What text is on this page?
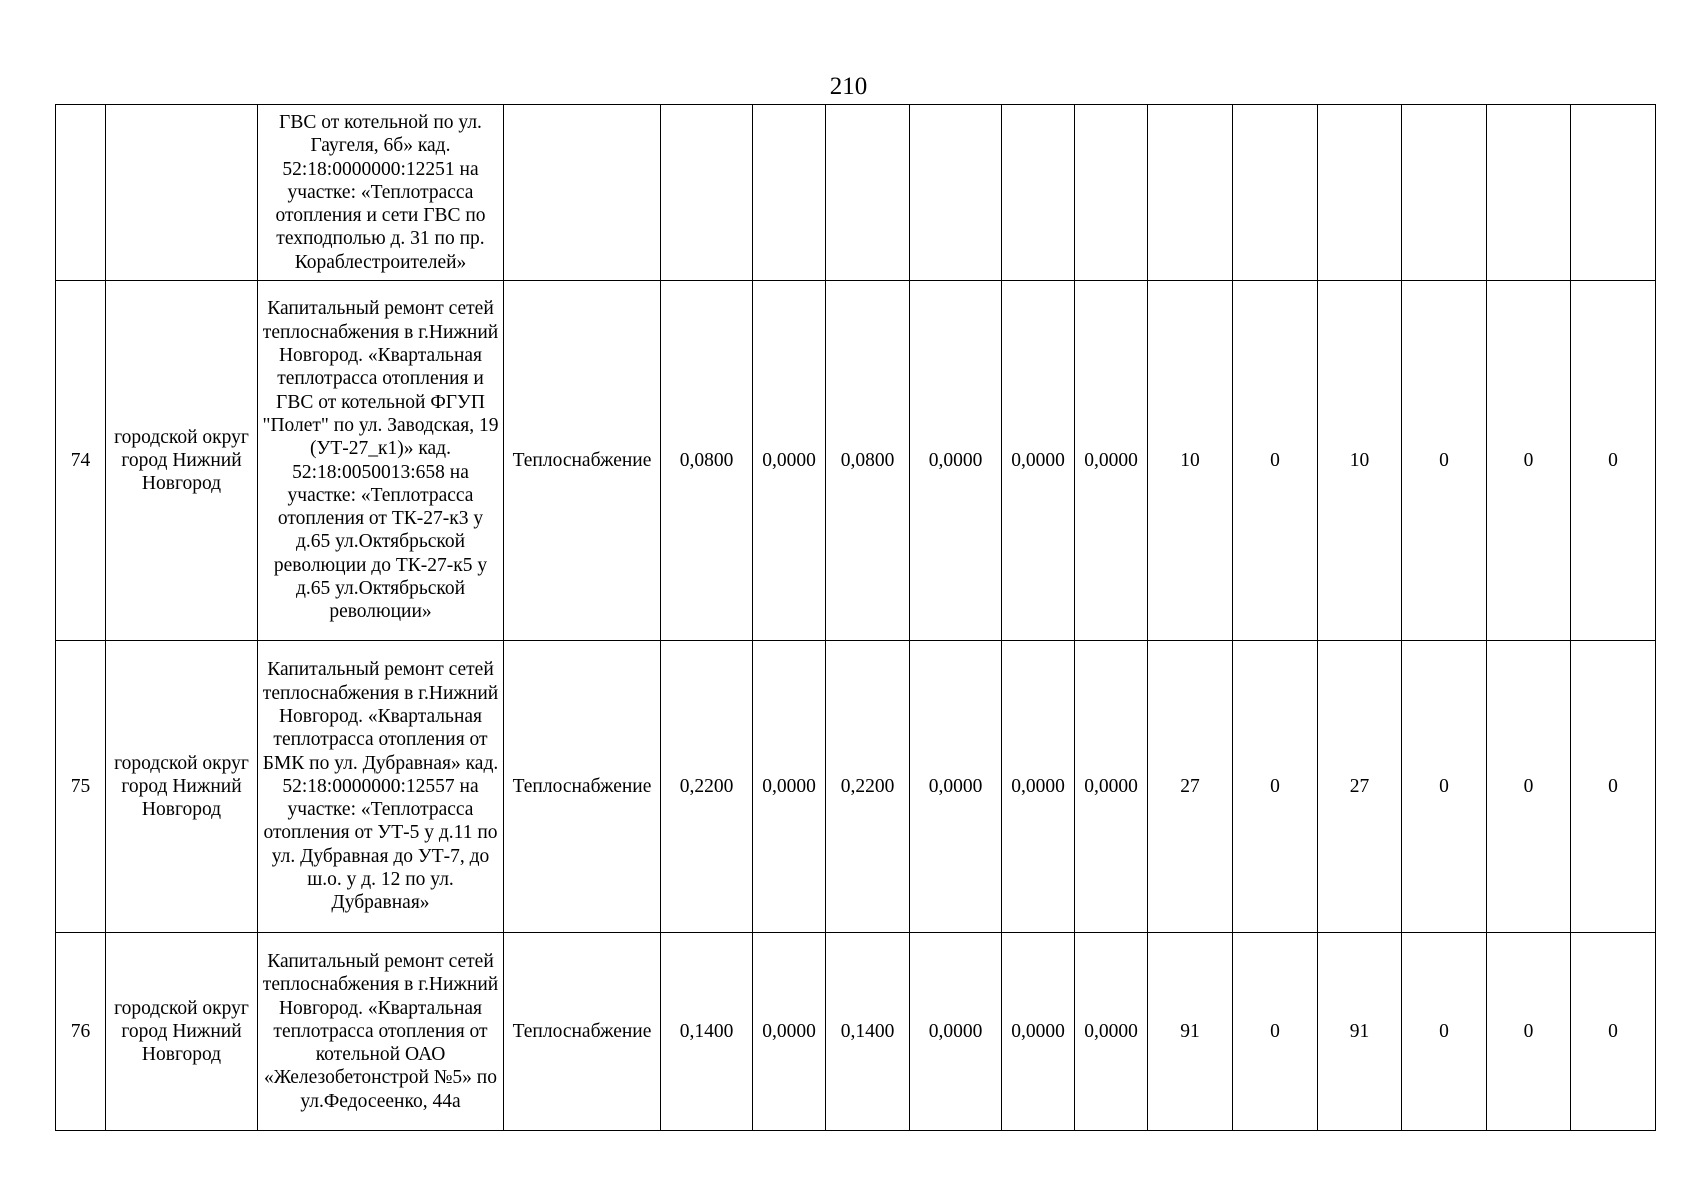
210
		ГВС от котельной по ул. Гаугеля, 6б» кад. 52:18:0000000:12251 на участке: «Теплотрасса отопления и сети ГВС по техподполью д. 31 по пр. Кораблестроителей»													
74	городской округ город Нижний Новгород	Капитальный ремонт сетей теплоснабжения в г.Нижний Новгород. «Квартальная теплотрасса отопления и ГВС от котельной ФГУП "Полет" по ул. Заводская, 19 (УТ-27_к1)» кад. 52:18:0050013:658 на участке: «Теплотрасса отопления от ТК-27-к3 у д.65 ул.Октябрьской революции до ТК-27-к5 у д.65 ул.Октябрьской революции»	Теплоснабжение	0,0800	0,0000	0,0800	0,0000	0,0000	0,0000	10	0	10	0	0	0
75	городской округ город Нижний Новгород	Капитальный ремонт сетей теплоснабжения в г.Нижний Новгород. «Квартальная теплотрасса отопления от БМК по ул. Дубравная» кад. 52:18:0000000:12557 на участке: «Теплотрасса отопления от УТ-5 у д.11 по ул. Дубравная до УТ-7, до ш.о. у д. 12 по ул. Дубравная»	Теплоснабжение	0,2200	0,0000	0,2200	0,0000	0,0000	0,0000	27	0	27	0	0	0
76	городской округ город Нижний Новгород	Капитальный ремонт сетей теплоснабжения в г.Нижний Новгород. «Квартальная теплотрасса отопления от котельной ОАО «Железобетонстрой №5» по ул.Федосеенко, 44а	Теплоснабжение	0,1400	0,0000	0,1400	0,0000	0,0000	0,0000	91	0	91	0	0	0
